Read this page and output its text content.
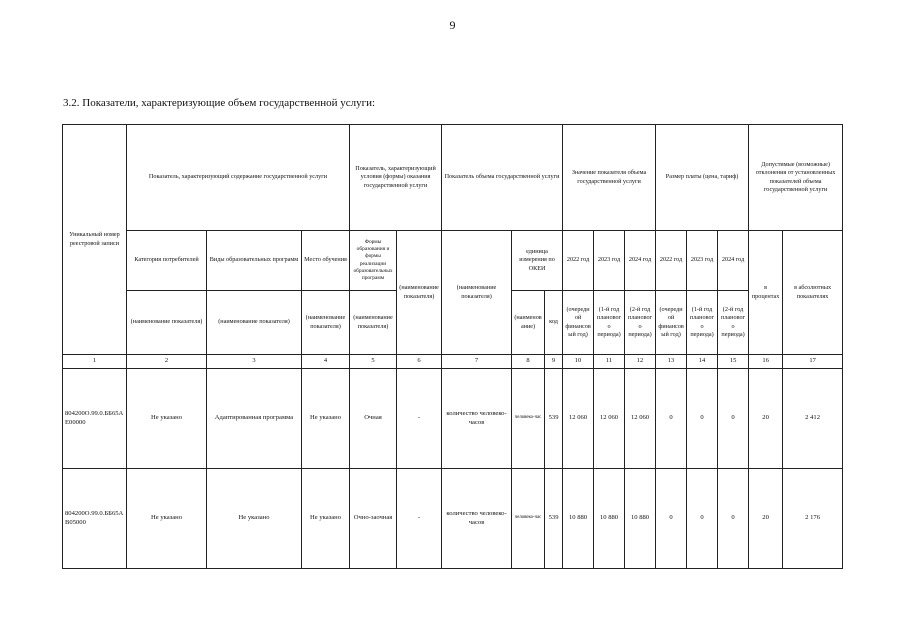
9
3.2. Показатели, характеризующие объем государственной услуги:
Уникальный номер реестровой записи	Показатель, характеризующий содержание государственной услуги			Показатель, характеризующий условия (формы) оказания государственной услуги		Показатель объема государственной услуги			Значение показателя объема государственной услуги			Размер платы (цена, тариф)			Допустимые (возможные) отклонения от установленных показателей объема государственной услуги	
	Категория потребителей	Виды образовательных программ	Место обучения	Формы образования и формы реализации образовательных программ	(наименование показателя)	(наименование показателя)	единица измерения по ОКЕИ		2022 год	2023 год	2024 год	2022 год	2023 год	2024 год	в процентах	в абсолютных показателях
	(наименование показателя)	(наименование показателя)	(наименование показателя)	(наименование показателя)			(наименование)	код	(очередной финансовый год)	(1-й год планового периода)	(2-й год планового периода)	(очередной финансовый год)	(1-й год планового периода)	(2-й год планового периода)		
1	2	3	4	5	6	7	8	9	10	11	12	13	14	15	16	17
804200О.99.0.ББ65АЕ00000	Не указано	Адаптированная программа	Не указано	Очная	-	количество человеко-часов	человеко-час	539	12 060	12 060	12 060	0	0	0	20	2 412
804200О.99.0.ББ65АВ05000	Не указано	Не указано	Не указано	Очно-заочная	-	количество человеко-часов	человеко-час	539	10 880	10 880	10 880	0	0	0	20	2 176
